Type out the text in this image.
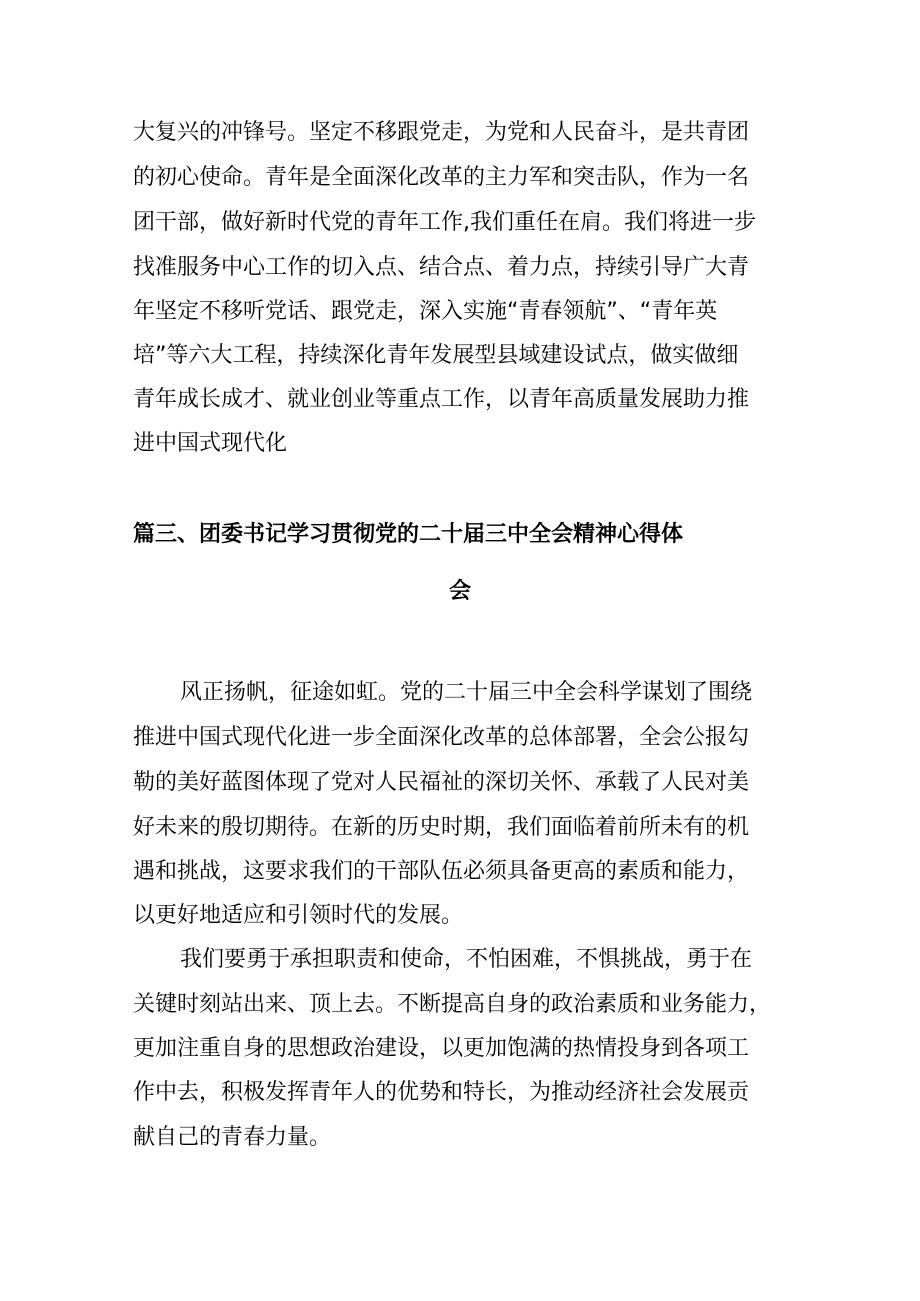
大复兴的冲锋号。坚定不移跟党走，为党和人民奋斗，是共青团
的初心使命。青年是全面深化改革的主力军和突击队，作为一名
团干部，做好新时代党的青年工作,我们重任在肩。我们将进一步
找准服务中心工作的切入点、结合点、着力点，持续引导广大青
年坚定不移听党话、跟党走，深入实施“青春领航”、“青年英
培”等六大工程，持续深化青年发展型县域建设试点，做实做细
青年成长成才、就业创业等重点工作，以青年高质量发展助力推
进中国式现代化
篇三、团委书记学习贯彻党的二十届三中全会精神心得体
会
风正扬帆，征途如虹。党的二十届三中全会科学谋划了围绕
推进中国式现代化进一步全面深化改革的总体部署，全会公报勾
勒的美好蓝图体现了党对人民福祉的深切关怀、承载了人民对美
好未来的殷切期待。在新的历史时期，我们面临着前所未有的机
遇和挑战，这要求我们的干部队伍必须具备更高的素质和能力，
以更好地适应和引领时代的发展。
我们要勇于承担职责和使命，不怕困难，不惧挑战，勇于在
关键时刻站出来、顶上去。不断提高自身的政治素质和业务能力，
更加注重自身的思想政治建设，以更加饱满的热情投身到各项工
作中去，积极发挥青年人的优势和特长，为推动经济社会发展贡
献自己的青春力量。
